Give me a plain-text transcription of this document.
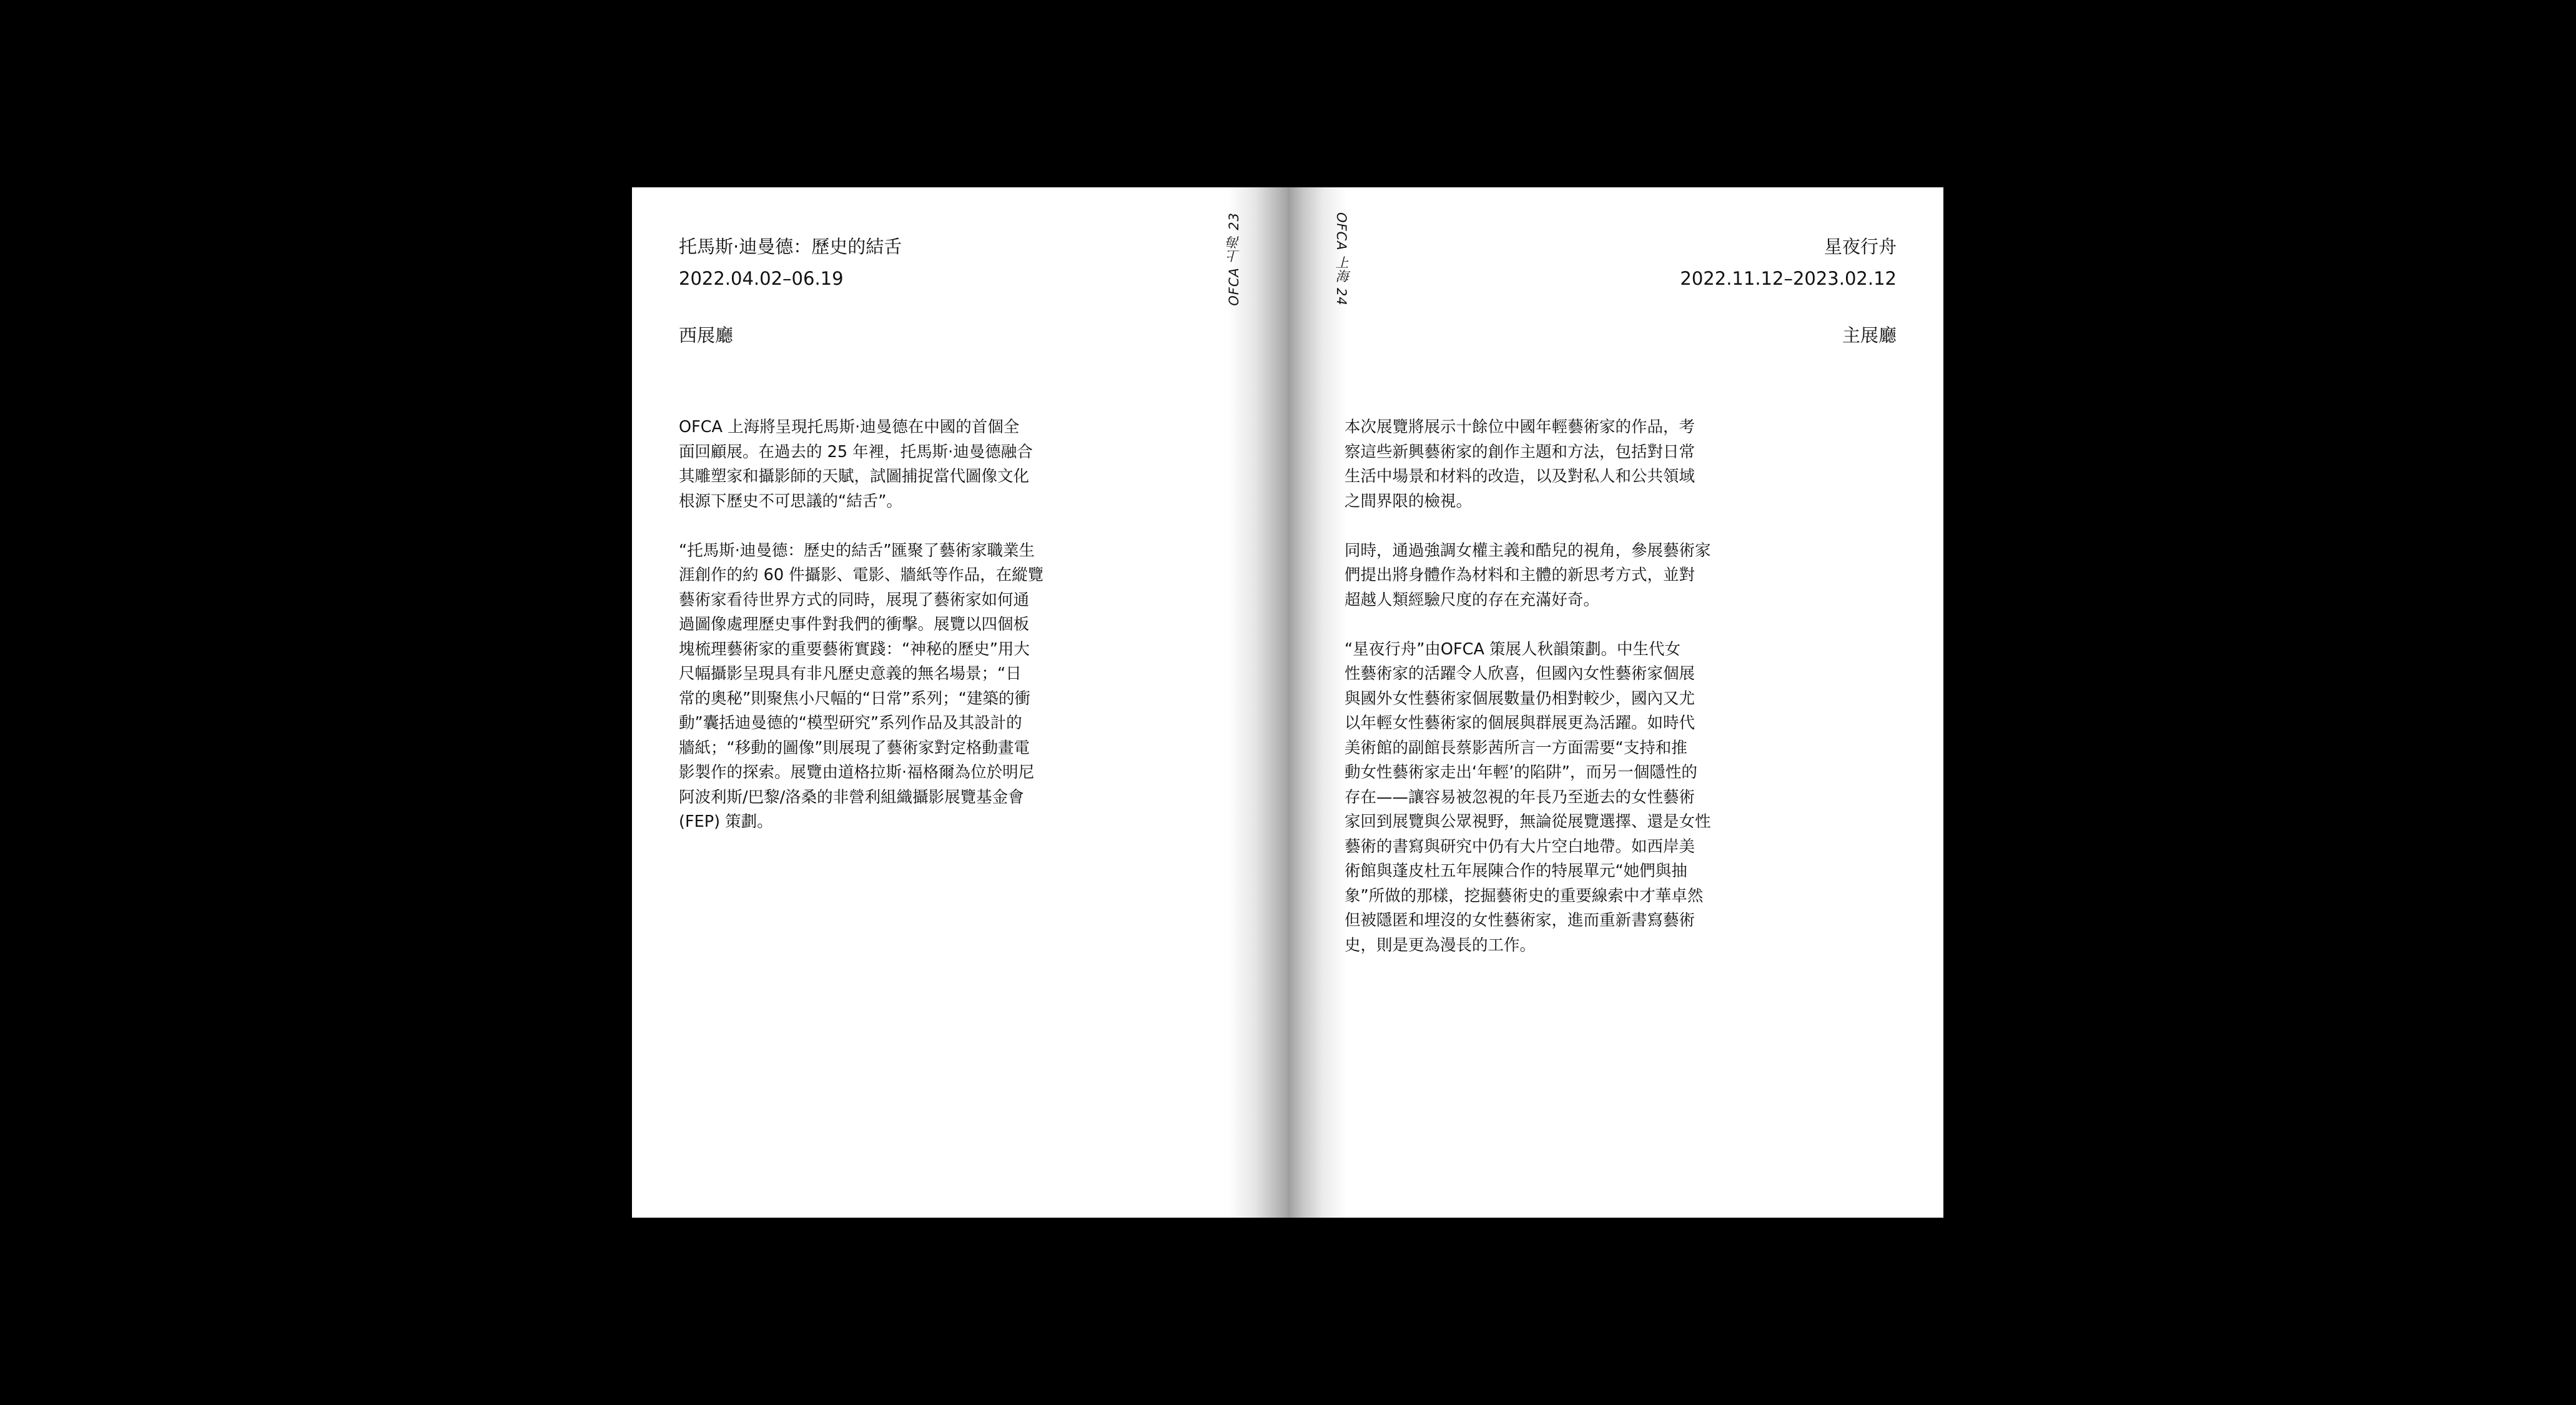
托馬斯·迪曼德：歷史的結舌
2022.04.02–06.19
西展廳
OFCA 上海 23

OFCA 上海將呈現托馬斯·迪曼德在中國的首個全
面回顧展。在過去的 25 年裡，托馬斯·迪曼德融合
其雕塑家和攝影師的天賦，試圖捕捉當代圖像文化
根源下歷史不可思議的“結舌”。

“托馬斯·迪曼德：歷史的結舌”匯聚了藝術家職業生
涯創作的約 60 件攝影、電影、牆紙等作品，在縱覽
藝術家看待世界方式的同時，展現了藝術家如何通
過圖像處理歷史事件對我們的衝擊。展覽以四個板
塊梳理藝術家的重要藝術實踐：“神秘的歷史”用大
尺幅攝影呈現具有非凡歷史意義的無名場景；“日
常的奧秘”則聚焦小尺幅的“日常”系列；“建築的衝
動”囊括迪曼德的“模型研究”系列作品及其設計的
牆紙；“移動的圖像”則展現了藝術家對定格動畫電
影製作的探索。展覽由道格拉斯·福格爾為位於明尼
阿波利斯/巴黎/洛桑的非營利組織攝影展覽基金會
(FEP) 策劃。

星夜行舟
2022.11.12–2023.02.12
主展廳
OFCA 上海 24

本次展覽將展示十餘位中國年輕藝術家的作品，考
察這些新興藝術家的創作主題和方法，包括對日常
生活中場景和材料的改造，以及對私人和公共領域
之間界限的檢視。

同時，通過強調女權主義和酷兒的視角，參展藝術家
們提出將身體作為材料和主體的新思考方式，並對
超越人類經驗尺度的存在充滿好奇。

“星夜行舟”由OFCA 策展人秋韻策劃。中生代女
性藝術家的活躍令人欣喜，但國內女性藝術家個展
與國外女性藝術家個展數量仍相對較少，國內又尤
以年輕女性藝術家的個展與群展更為活躍。如時代
美術館的副館長蔡影茜所言一方面需要“支持和推
動女性藝術家走出‘年輕’的陷阱”，而另一個隱性的
存在——讓容易被忽視的年長乃至逝去的女性藝術
家回到展覽與公眾視野，無論從展覽選擇、還是女性
藝術的書寫與研究中仍有大片空白地帶。如西岸美
術館與蓬皮杜五年展陳合作的特展單元“她們與抽
象”所做的那樣，挖掘藝術史的重要線索中才華卓然
但被隱匿和埋沒的女性藝術家，進而重新書寫藝術
史，則是更為漫長的工作。
